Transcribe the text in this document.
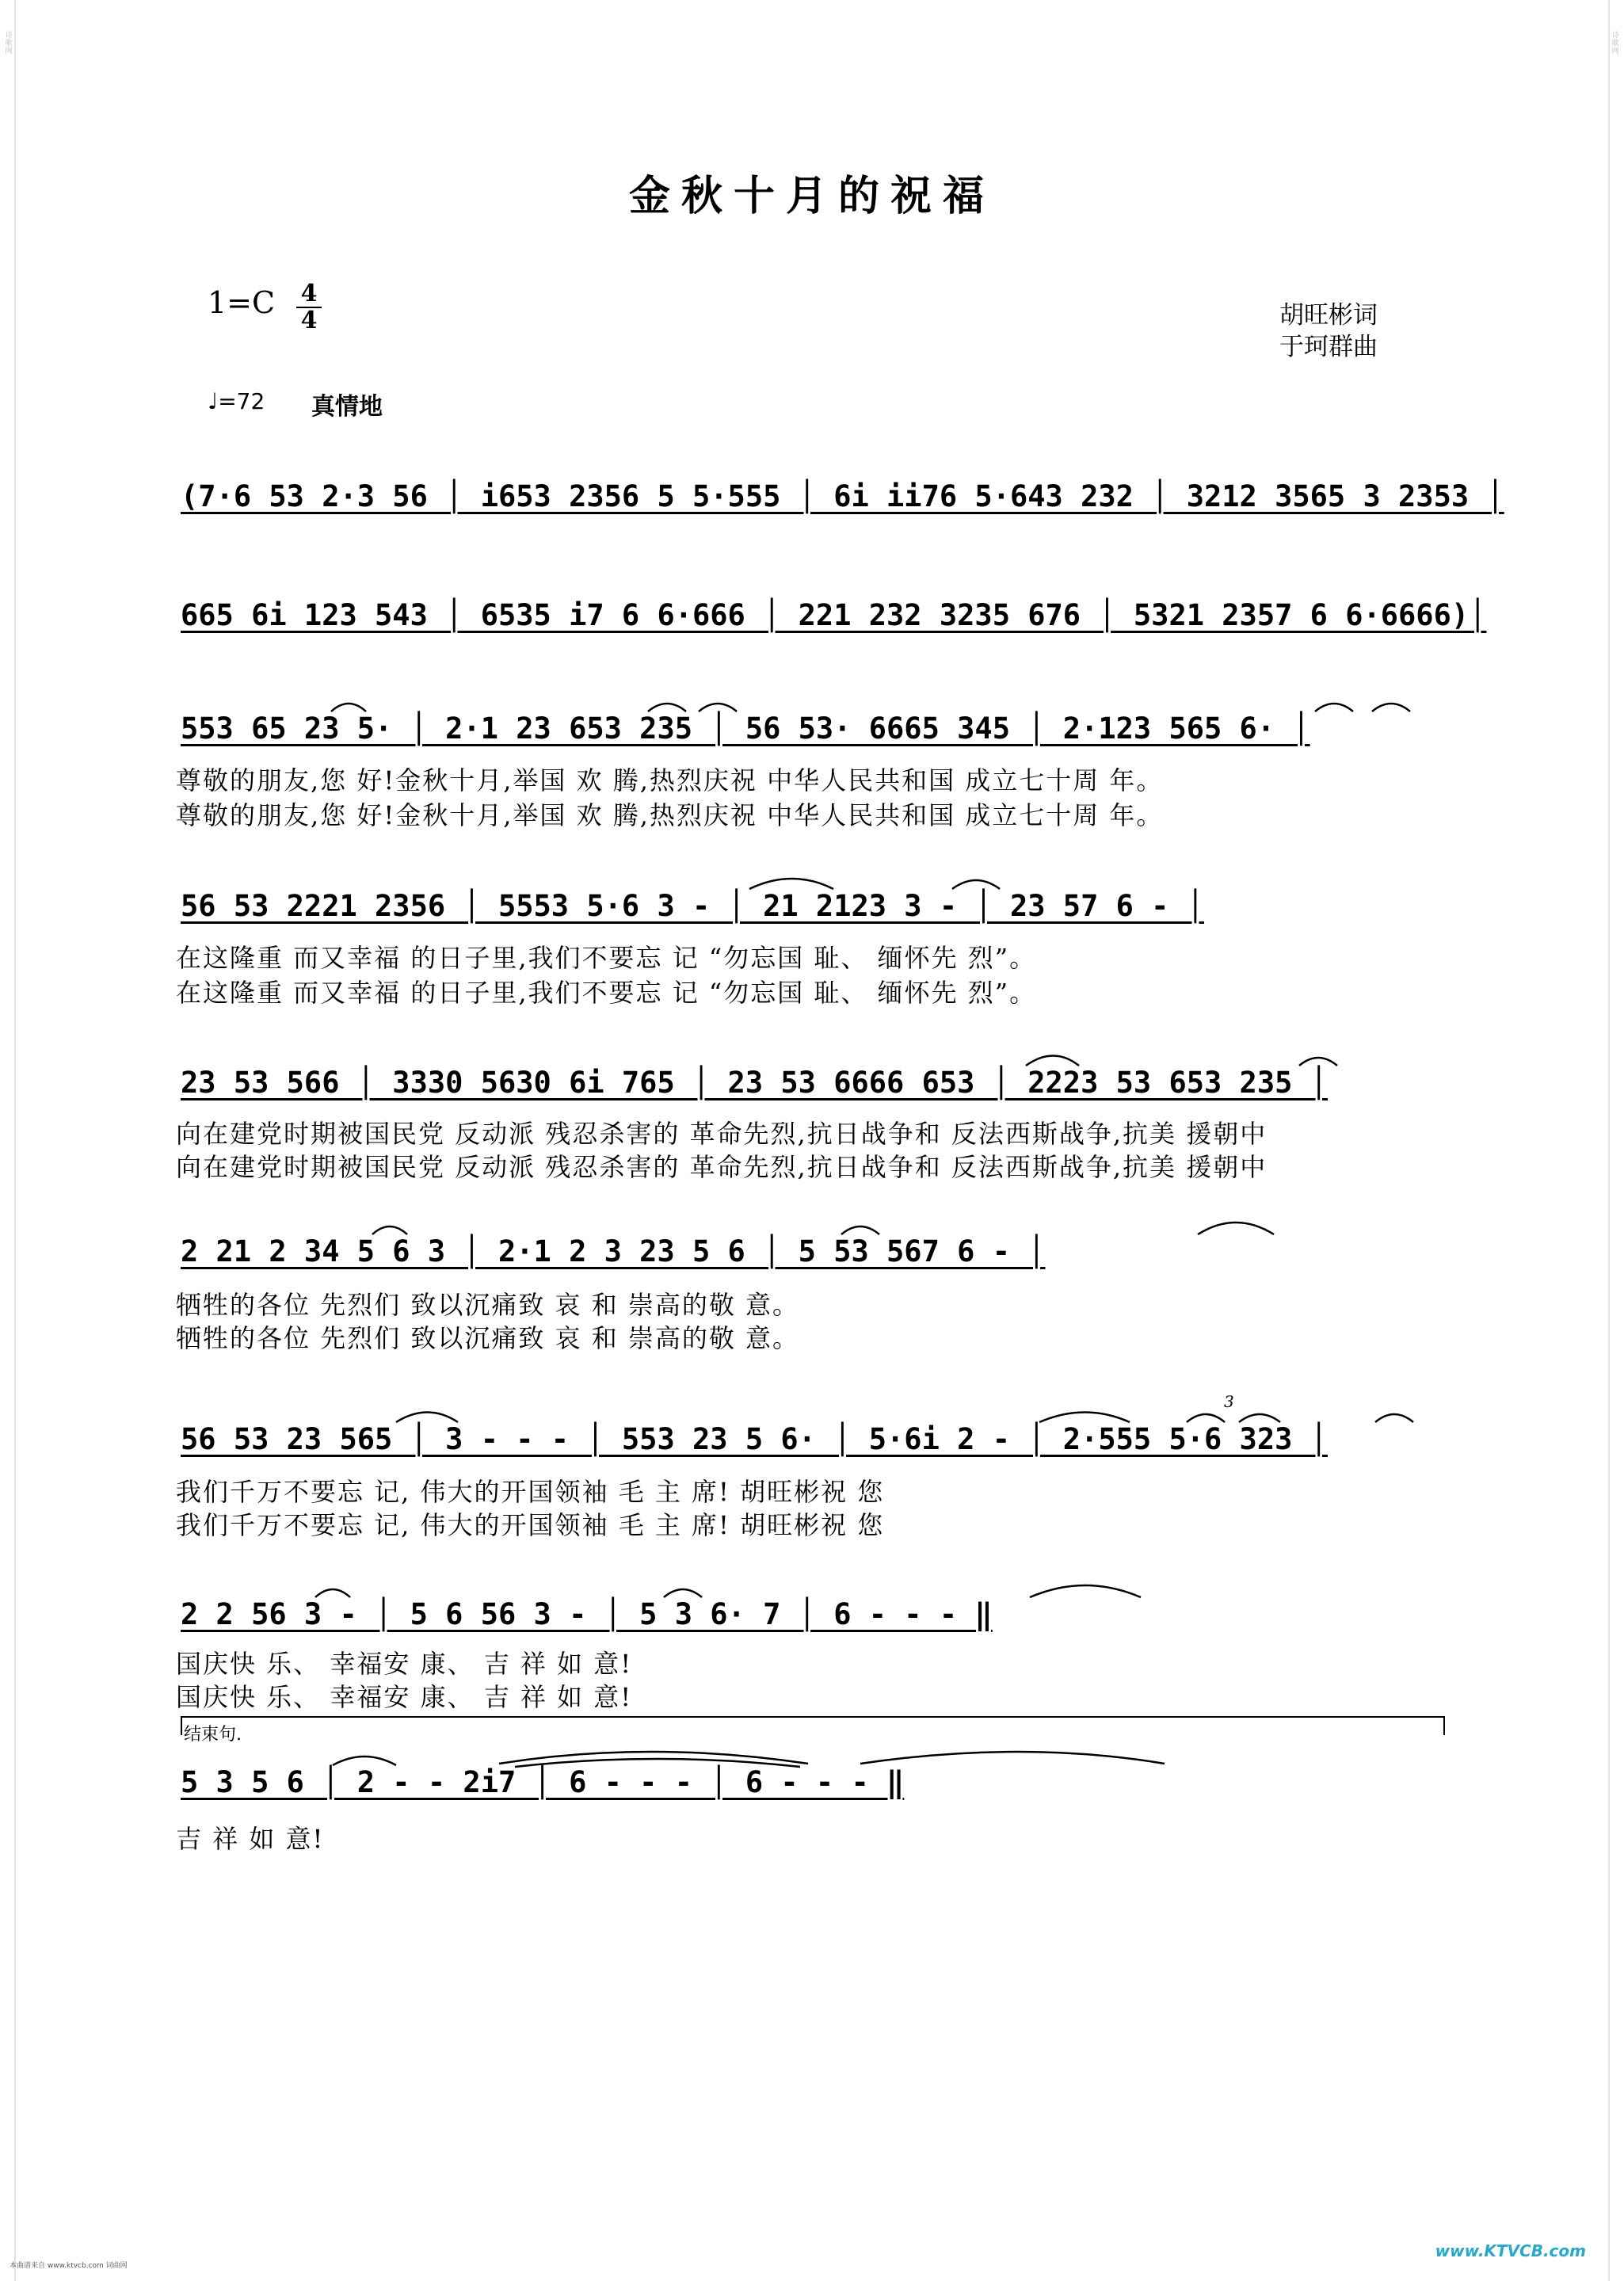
金秋十月的祝福
1=C 4
4	胡旺彬词
于珂群曲
♩=72 真情地
(7·6 53 2·3 56 │ i653 2356 5 5·555 │ 6i ii76 5·643 232 │ 3212 3565 3 2353 │
665 6i 123 543 │ 6535 i7 6 6·666 │ 221 232 3235 676 │ 5321 2357 6 6·6666)│
553 65 23 5· │ 2·1 23 653 235 │ 56 53· 6665 345 │ 2·123 565 6· │
尊敬的朋友,您 好!金秋十月,举国 欢 腾,热烈庆祝 中华人民共和国 成立七十周 年。
尊敬的朋友,您 好!金秋十月,举国 欢 腾,热烈庆祝 中华人民共和国 成立七十周 年。
56 53 2221 2356 │ 5553 5·6 3 - │ 21 2123 3 - │ 23 57 6 - │
在这隆重 而又幸福 的日子里,我们不要忘 记 “勿忘国 耻、 缅怀先 烈”。
在这隆重 而又幸福 的日子里,我们不要忘 记 “勿忘国 耻、 缅怀先 烈”。
23 53 566 │ 3330 5630 6i 765 │ 23 53 6666 653 │ 2223 53 653 235 │
向在建党时期被国民党 反动派 残忍杀害的 革命先烈,抗日战争和 反法西斯战争,抗美 援朝中
向在建党时期被国民党 反动派 残忍杀害的 革命先烈,抗日战争和 反法西斯战争,抗美 援朝中
2 21 2 34 5 6 3 │ 2·1 2 3 23 5 6 │ 5 53 567 6 - │
牺牲的各位 先烈们 致以沉痛致 哀 和 崇高的敬 意。
牺牲的各位 先烈们 致以沉痛致 哀 和 崇高的敬 意。
56 53 23 565 │ 3 - - - │ 553 23 5 6· │ 5·6i 2 - │ 2·555 5·6 323 │
我们千万不要忘 记, 伟大的开国领袖 毛 主 席! 胡旺彬祝 您
我们千万不要忘 记, 伟大的开国领袖 毛 主 席! 胡旺彬祝 您
2 2 56 3 - │ 5 6 56 3 - │ 5 3 6· 7 │ 6 - - - ‖
国庆快 乐、 幸福安 康、 吉 祥 如 意!
国庆快 乐、 幸福安 康、 吉 祥 如 意!
结束句.
5 3 5 6 │ 2 - - 2i7 │ 6 - - - │ 6 - - - ‖
吉 祥 如 意!
3
诗歌网
诗歌网
本曲谱来自 www.ktvcb.com 词曲网
www.KTVCB.com
